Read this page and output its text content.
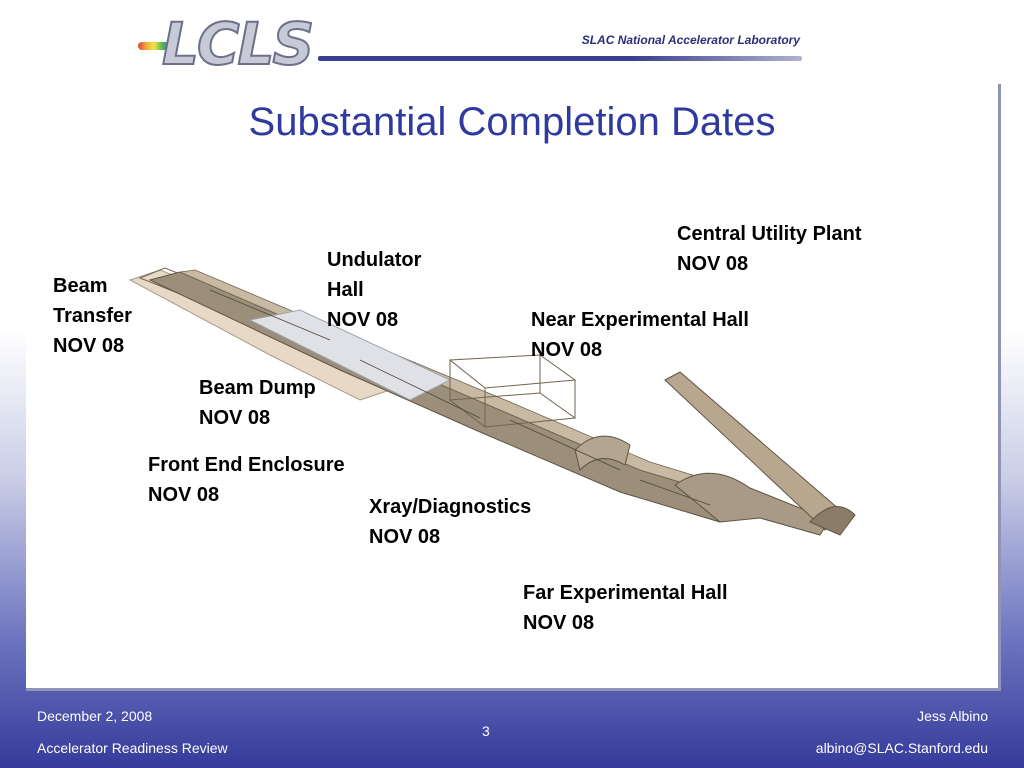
LCLS	SLAC National Accelerator Laboratory
Substantial Completion Dates
Beam
Transfer
NOV 08
Undulator
Hall
NOV 08
Central Utility Plant
NOV 08
Near Experimental Hall
NOV 08
Beam Dump
NOV 08
Front End Enclosure
NOV 08
Xray/Diagnostics
NOV 08
Far Experimental Hall
NOV 08
December 2, 2008
Accelerator Readiness Review
3
Jess Albino
albino@SLAC.Stanford.edu
